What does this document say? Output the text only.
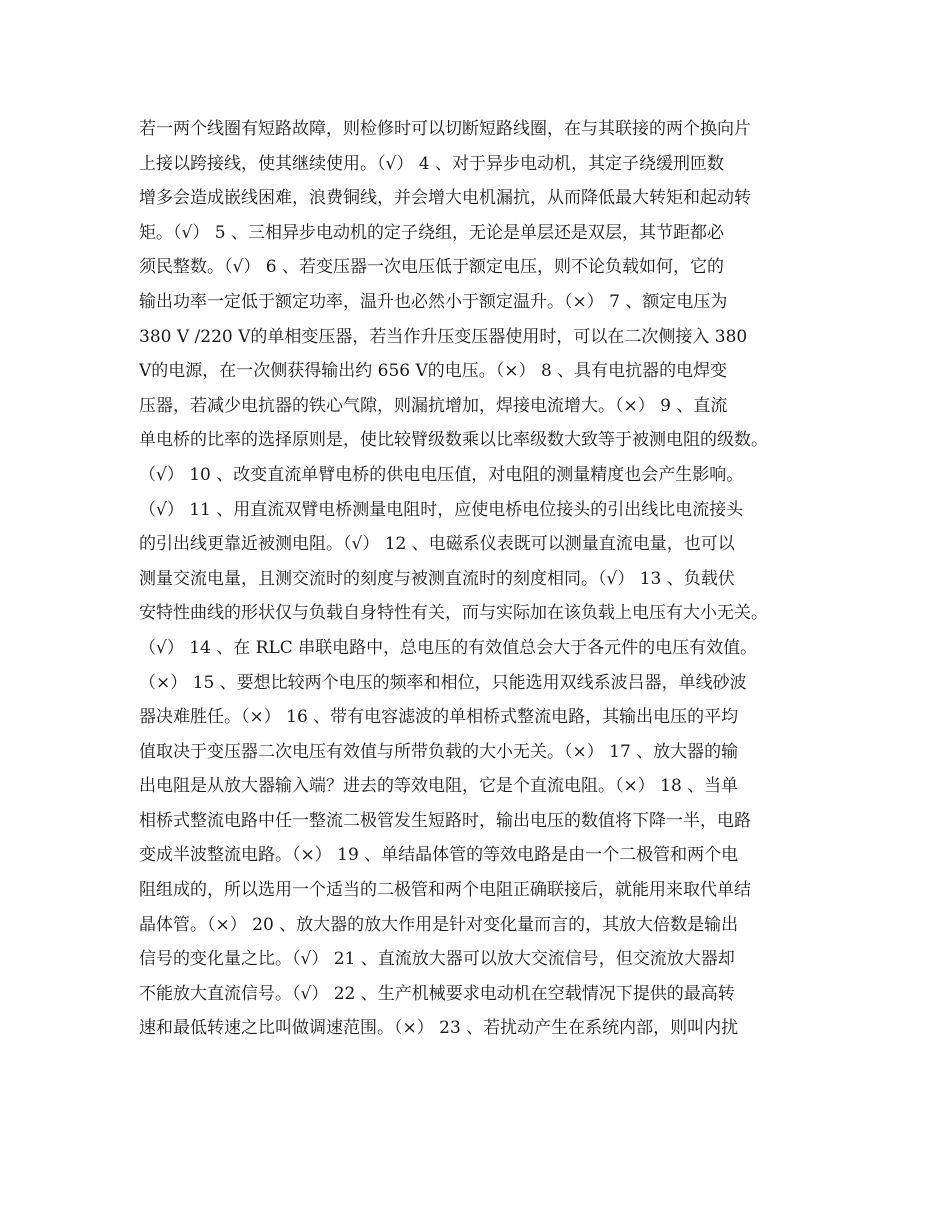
若一两个线圈有短路故障，则检修时可以切断短路线圈，在与其联接的两个换向片
上接以跨接线，使其继续使用。（√） 4 、对于异步电动机，其定子绕缓刑匝数
增多会造成嵌线困难，浪费铜线，并会增大电机漏抗，从而降低最大转矩和起动转
矩。（√） 5 、三相异步电动机的定子绕组，无论是单层还是双层，其节距都必
须民整数。（√） 6 、若变压器一次电压低于额定电压，则不论负载如何，它的
输出功率一定低于额定功率，温升也必然小于额定温升。（×） 7 、额定电压为
380 V /220 V的单相变压器，若当作升压变压器使用时，可以在二次侧接入 380
V的电源，在一次侧获得输出约 656 V的电压。（×） 8 、具有电抗器的电焊变
压器，若减少电抗器的铁心气隙，则漏抗增加，焊接电流增大。（×） 9 、直流
单电桥的比率的选择原则是，使比较臂级数乘以比率级数大致等于被测电阻的级数。
（√） 10 、改变直流单臂电桥的供电电压值，对电阻的测量精度也会产生影响。
（√） 11 、用直流双臂电桥测量电阻时，应使电桥电位接头的引出线比电流接头
的引出线更靠近被测电阻。（√） 12 、电磁系仪表既可以测量直流电量，也可以
测量交流电量，且测交流时的刻度与被测直流时的刻度相同。（√） 13 、负载伏
安特性曲线的形状仅与负载自身特性有关，而与实际加在该负载上电压有大小无关。
（√） 14 、在 RLC 串联电路中，总电压的有效值总会大于各元件的电压有效值。
（×） 15 、要想比较两个电压的频率和相位，只能选用双线系波吕器，单线砂波
器决难胜任。（×） 16 、带有电容滤波的单相桥式整流电路，其输出电压的平均
值取决于变压器二次电压有效值与所带负载的大小无关。（×） 17 、放大器的输
出电阻是从放大器输入端？进去的等效电阻，它是个直流电阻。（×） 18 、当单
相桥式整流电路中任一整流二极管发生短路时，输出电压的数值将下降一半，电路
变成半波整流电路。（×） 19 、单结晶体管的等效电路是由一个二极管和两个电
阻组成的，所以选用一个适当的二极管和两个电阻正确联接后，就能用来取代单结
晶体管。（×） 20 、放大器的放大作用是针对变化量而言的，其放大倍数是输出
信号的变化量之比。（√） 21 、直流放大器可以放大交流信号，但交流放大器却
不能放大直流信号。（√） 22 、生产机械要求电动机在空载情况下提供的最高转
速和最低转速之比叫做调速范围。（×） 23 、若扰动产生在系统内部，则叫内扰
